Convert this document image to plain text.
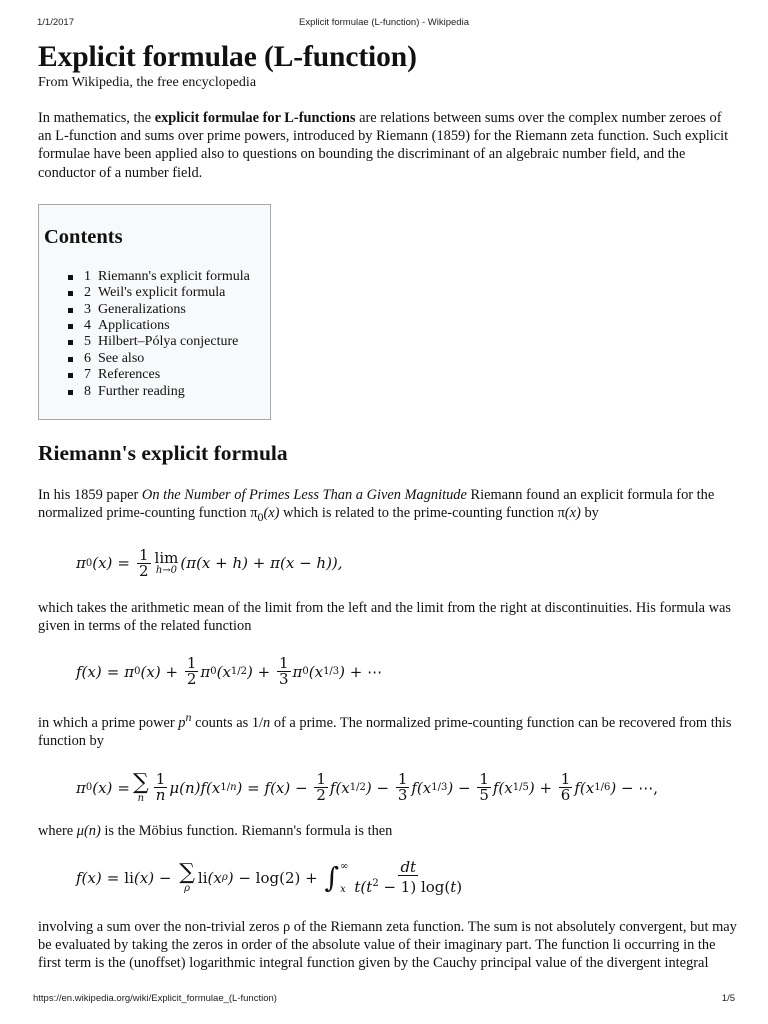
1/1/2017	Explicit formulae (L-function) - Wikipedia
Explicit formulae (L-function)
From Wikipedia, the free encyclopedia

In mathematics, the explicit formulae for L-functions are relations between sums over the complex number zeroes of an L-function and sums over prime powers, introduced by Riemann (1859) for the Riemann zeta function. Such explicit formulae have been applied also to questions on bounding the discriminant of an algebraic number field, and the conductor of a number field.

Contents
1 Riemann's explicit formula
2 Weil's explicit formula
3 Generalizations
4 Applications
5 Hilbert–Pólya conjecture
6 See also
7 References
8 Further reading
Riemann's explicit formula

In his 1859 paper On the Number of Primes Less Than a Given Magnitude Riemann found an explicit formula for the normalized prime-counting function $\pi_0(x)$ which is related to the prime-counting function π(x) by

π 0 $(x) = \frac{1}{2}$ lim
h→0 (π(x + h) + π(x − h)),

which takes the arithmetic mean of the limit from the left and the limit from the right at discontinuities. His formula was given in terms of the related function

f(x) = π 0 $(x) + \frac{1}{2}$ π 0 (x 1/2 ) + $\frac{1}{3}$ π 0 (x 1/3 ) + ⋯

in which a prime power $p^n$ counts as 1/n of a prime. The normalized prime-counting function can be recovered from this function by

π 0 (x) = ∑
n $\frac{1}{n} \mu(n)f(x$ 1/n ) = $f(x) - \frac{1}{2} f(x$ 1/2 ) − $\frac{1}{3} f(x$ 1/3 ) − $\frac{1}{5} f(x$ 1/5 ) + $\frac{1}{6} f(x$ 1/6 ) − ⋯,

where μ(n) is the Möbius function. Riemann's formula is then

f(x) = li (x) − ∑
ρ
li (x ρ ) − log(2) + ∫ ∞
x $\frac{dt}{t(t^2 - 1) \log(t)}$

involving a sum over the non-trivial zeros ρ of the Riemann zeta function. The sum is not absolutely convergent, but may be evaluated by taking the zeros in order of the absolute value of their imaginary part. The function li occurring in the first term is the (unoffset) logarithmic integral function given by the Cauchy principal value of the divergent integral

https://en.wikipedia.org/wiki/Explicit_formulae_(L-function)	1/5
